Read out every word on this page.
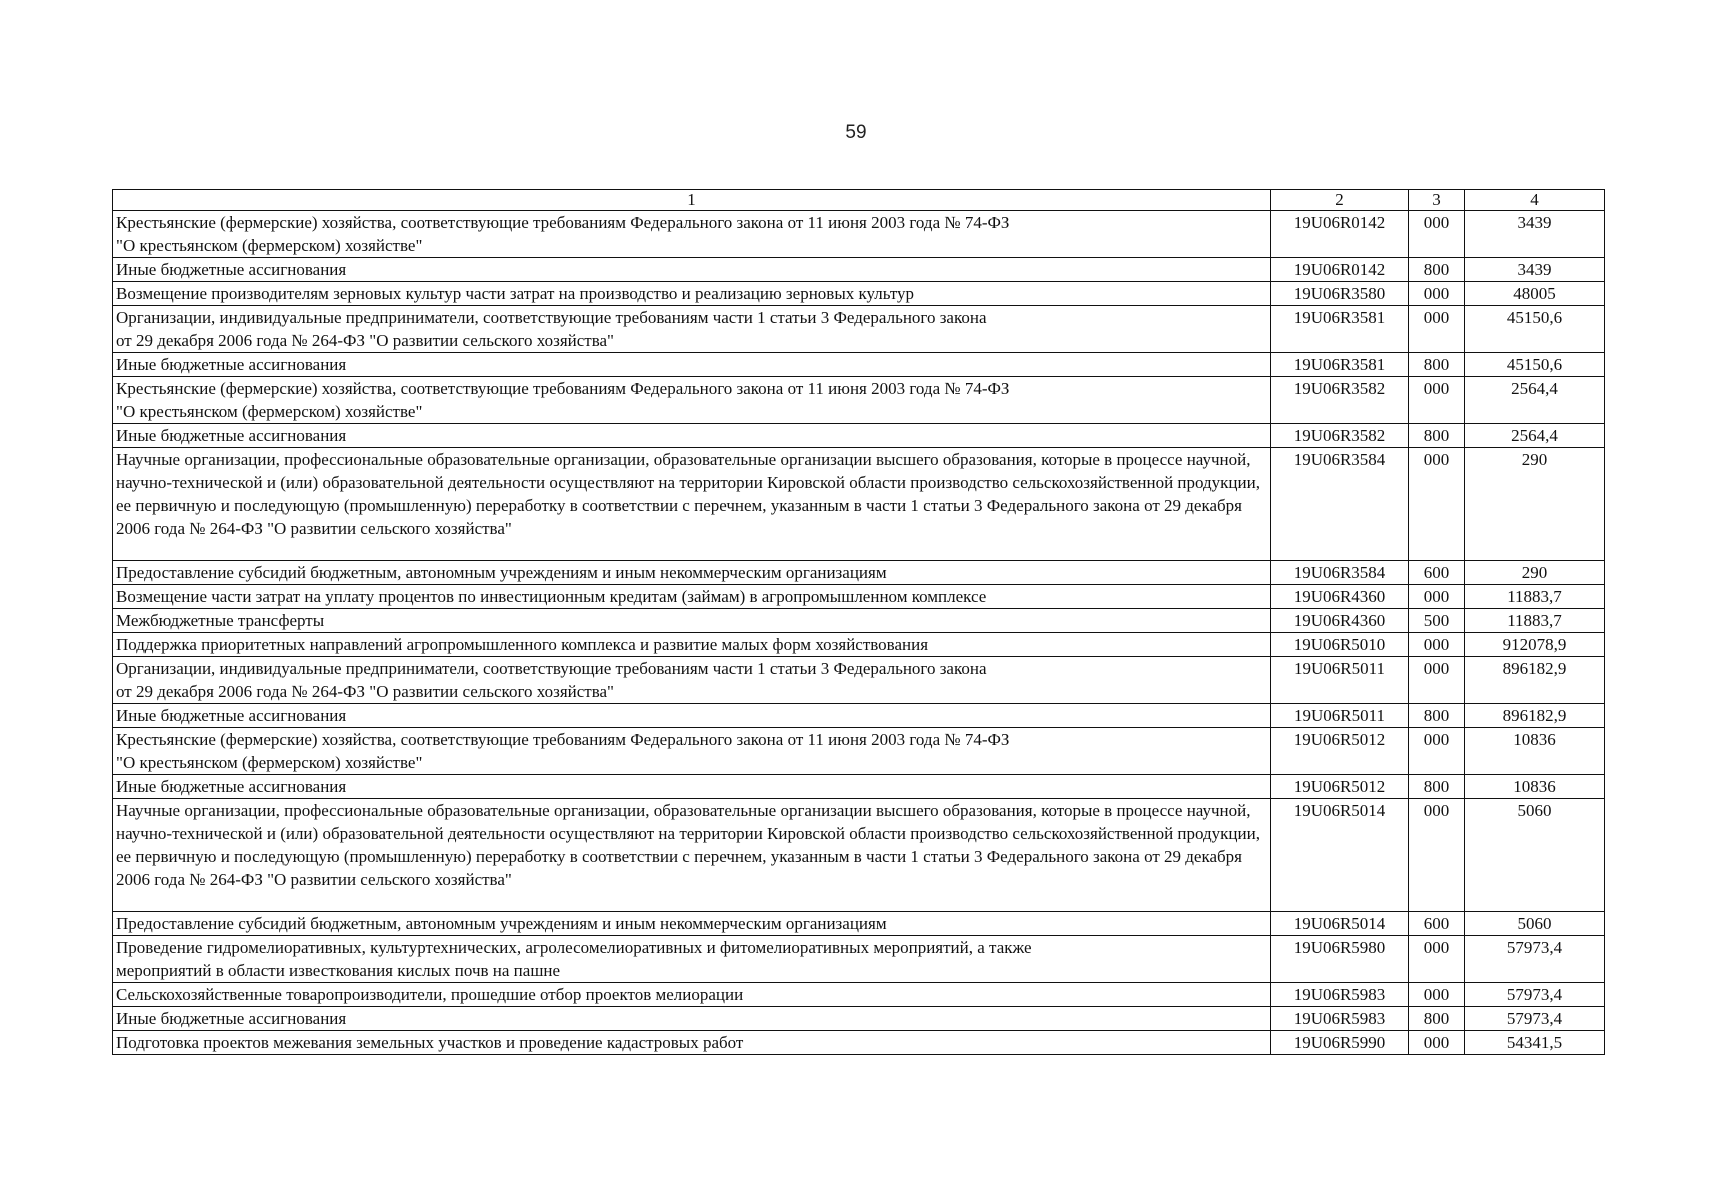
59
1	2	3	4
Крестьянские (фермерские) хозяйства, соответствующие требованиям Федерального закона от 11 июня 2003 года № 74-ФЗ
"О крестьянском (фермерском) хозяйстве"	19U06R0142	000	3439
Иные бюджетные ассигнования	19U06R0142	800	3439
Возмещение производителям зерновых культур части затрат на производство и реализацию зерновых культур	19U06R3580	000	48005
Организации, индивидуальные предприниматели, соответствующие требованиям части 1 статьи 3 Федерального закона
от 29 декабря 2006 года № 264-ФЗ "О развитии сельского хозяйства"	19U06R3581	000	45150,6
Иные бюджетные ассигнования	19U06R3581	800	45150,6
Крестьянские (фермерские) хозяйства, соответствующие требованиям Федерального закона от 11 июня 2003 года № 74-ФЗ
"О крестьянском (фермерском) хозяйстве"	19U06R3582	000	2564,4
Иные бюджетные ассигнования	19U06R3582	800	2564,4
Научные организации, профессиональные образовательные организации, образовательные организации высшего образования, которые в процессе научной, научно-технической и (или) образовательной деятельности осуществляют на территории Кировской области производство сельскохозяйственной продукции, ее первичную и последующую (промышленную) переработку в соответствии с перечнем, указанным в части 1 статьи 3 Федерального закона от 29 декабря 2006 года № 264-ФЗ "О развитии сельского хозяйства"	19U06R3584	000	290
Предоставление субсидий бюджетным, автономным учреждениям и иным некоммерческим организациям	19U06R3584	600	290
Возмещение части затрат на уплату процентов по инвестиционным кредитам (займам) в агропромышленном комплексе	19U06R4360	000	11883,7
Межбюджетные трансферты	19U06R4360	500	11883,7
Поддержка приоритетных направлений агропромышленного комплекса и развитие малых форм хозяйствования	19U06R5010	000	912078,9
Организации, индивидуальные предприниматели, соответствующие требованиям части 1 статьи 3 Федерального закона
от 29 декабря 2006 года № 264-ФЗ "О развитии сельского хозяйства"	19U06R5011	000	896182,9
Иные бюджетные ассигнования	19U06R5011	800	896182,9
Крестьянские (фермерские) хозяйства, соответствующие требованиям Федерального закона от 11 июня 2003 года № 74-ФЗ
"О крестьянском (фермерском) хозяйстве"	19U06R5012	000	10836
Иные бюджетные ассигнования	19U06R5012	800	10836
Научные организации, профессиональные образовательные организации, образовательные организации высшего образования, которые в процессе научной, научно-технической и (или) образовательной деятельности осуществляют на территории Кировской области производство сельскохозяйственной продукции, ее первичную и последующую (промышленную) переработку в соответствии с перечнем, указанным в части 1 статьи 3 Федерального закона от 29 декабря 2006 года № 264-ФЗ "О развитии сельского хозяйства"	19U06R5014	000	5060
Предоставление субсидий бюджетным, автономным учреждениям и иным некоммерческим организациям	19U06R5014	600	5060
Проведение гидромелиоративных, культуртехнических, агролесомелиоративных и фитомелиоративных мероприятий, а также
мероприятий в области известкования кислых почв на пашне	19U06R5980	000	57973,4
Сельскохозяйственные товаропроизводители, прошедшие отбор проектов мелиорации	19U06R5983	000	57973,4
Иные бюджетные ассигнования	19U06R5983	800	57973,4
Подготовка проектов межевания земельных участков и проведение кадастровых работ	19U06R5990	000	54341,5
